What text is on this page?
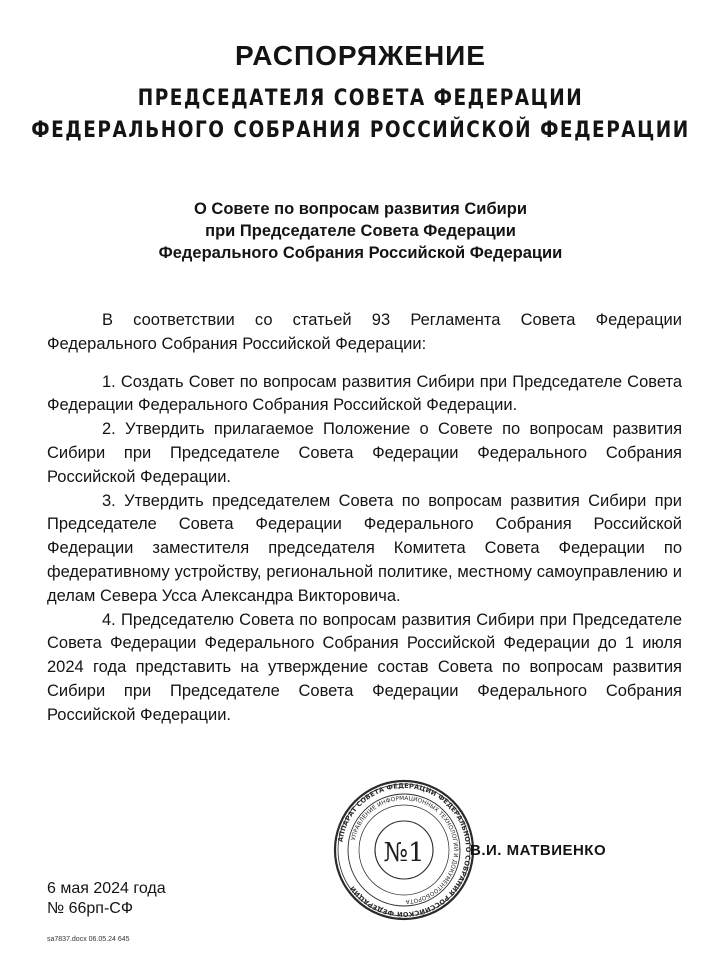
РАСПОРЯЖЕНИЕ
ПРЕДСЕДАТЕЛЯ СОВЕТА ФЕДЕРАЦИИ
ФЕДЕРАЛЬНОГО СОБРАНИЯ РОССИЙСКОЙ ФЕДЕРАЦИИ
О Совете по вопросам развития Сибири
при Председателе Совета Федерации
Федерального Собрания Российской Федерации

В соответствии со статьей 93 Регламента Совета Федерации Федерального Собрания Российской Федерации:

1. Создать Совет по вопросам развития Сибири при Председателе Совета Федерации Федерального Собрания Российской Федерации.

2. Утвердить прилагаемое Положение о Совете по вопросам развития Сибири при Председателе Совета Федерации Федерального Собрания Российской Федерации.

3. Утвердить председателем Совета по вопросам развития Сибири при Председателе Совета Федерации Федерального Собрания Российской Федерации заместителя председателя Комитета Совета Федерации по федеративному устройству, региональной политике, местному самоуправлению и делам Севера Усса Александра Викторовича.

4. Председателю Совета по вопросам развития Сибири при Председателе Совета Федерации Федерального Собрания Российской Федерации до 1 июля 2024 года представить на утверждение состав Совета по вопросам развития Сибири при Председателе Совета Федерации Федерального Собрания Российской Федерации.

АППАРАТ СОВЕТА ФЕДЕРАЦИИ ФЕДЕРАЛЬНОГО СОБРАНИЯ РОССИЙСКОЙ ФЕДЕРАЦИИ
УПРАВЛЕНИЕ ИНФОРМАЦИОННЫХ ТЕХНОЛОГИЙ И ДОКУМЕНТООБОРОТА
№1	В.И. МАТВИЕНКО
6 мая 2024 года
№ 66рп-СФ
sa7837.docx 06.05.24 645
